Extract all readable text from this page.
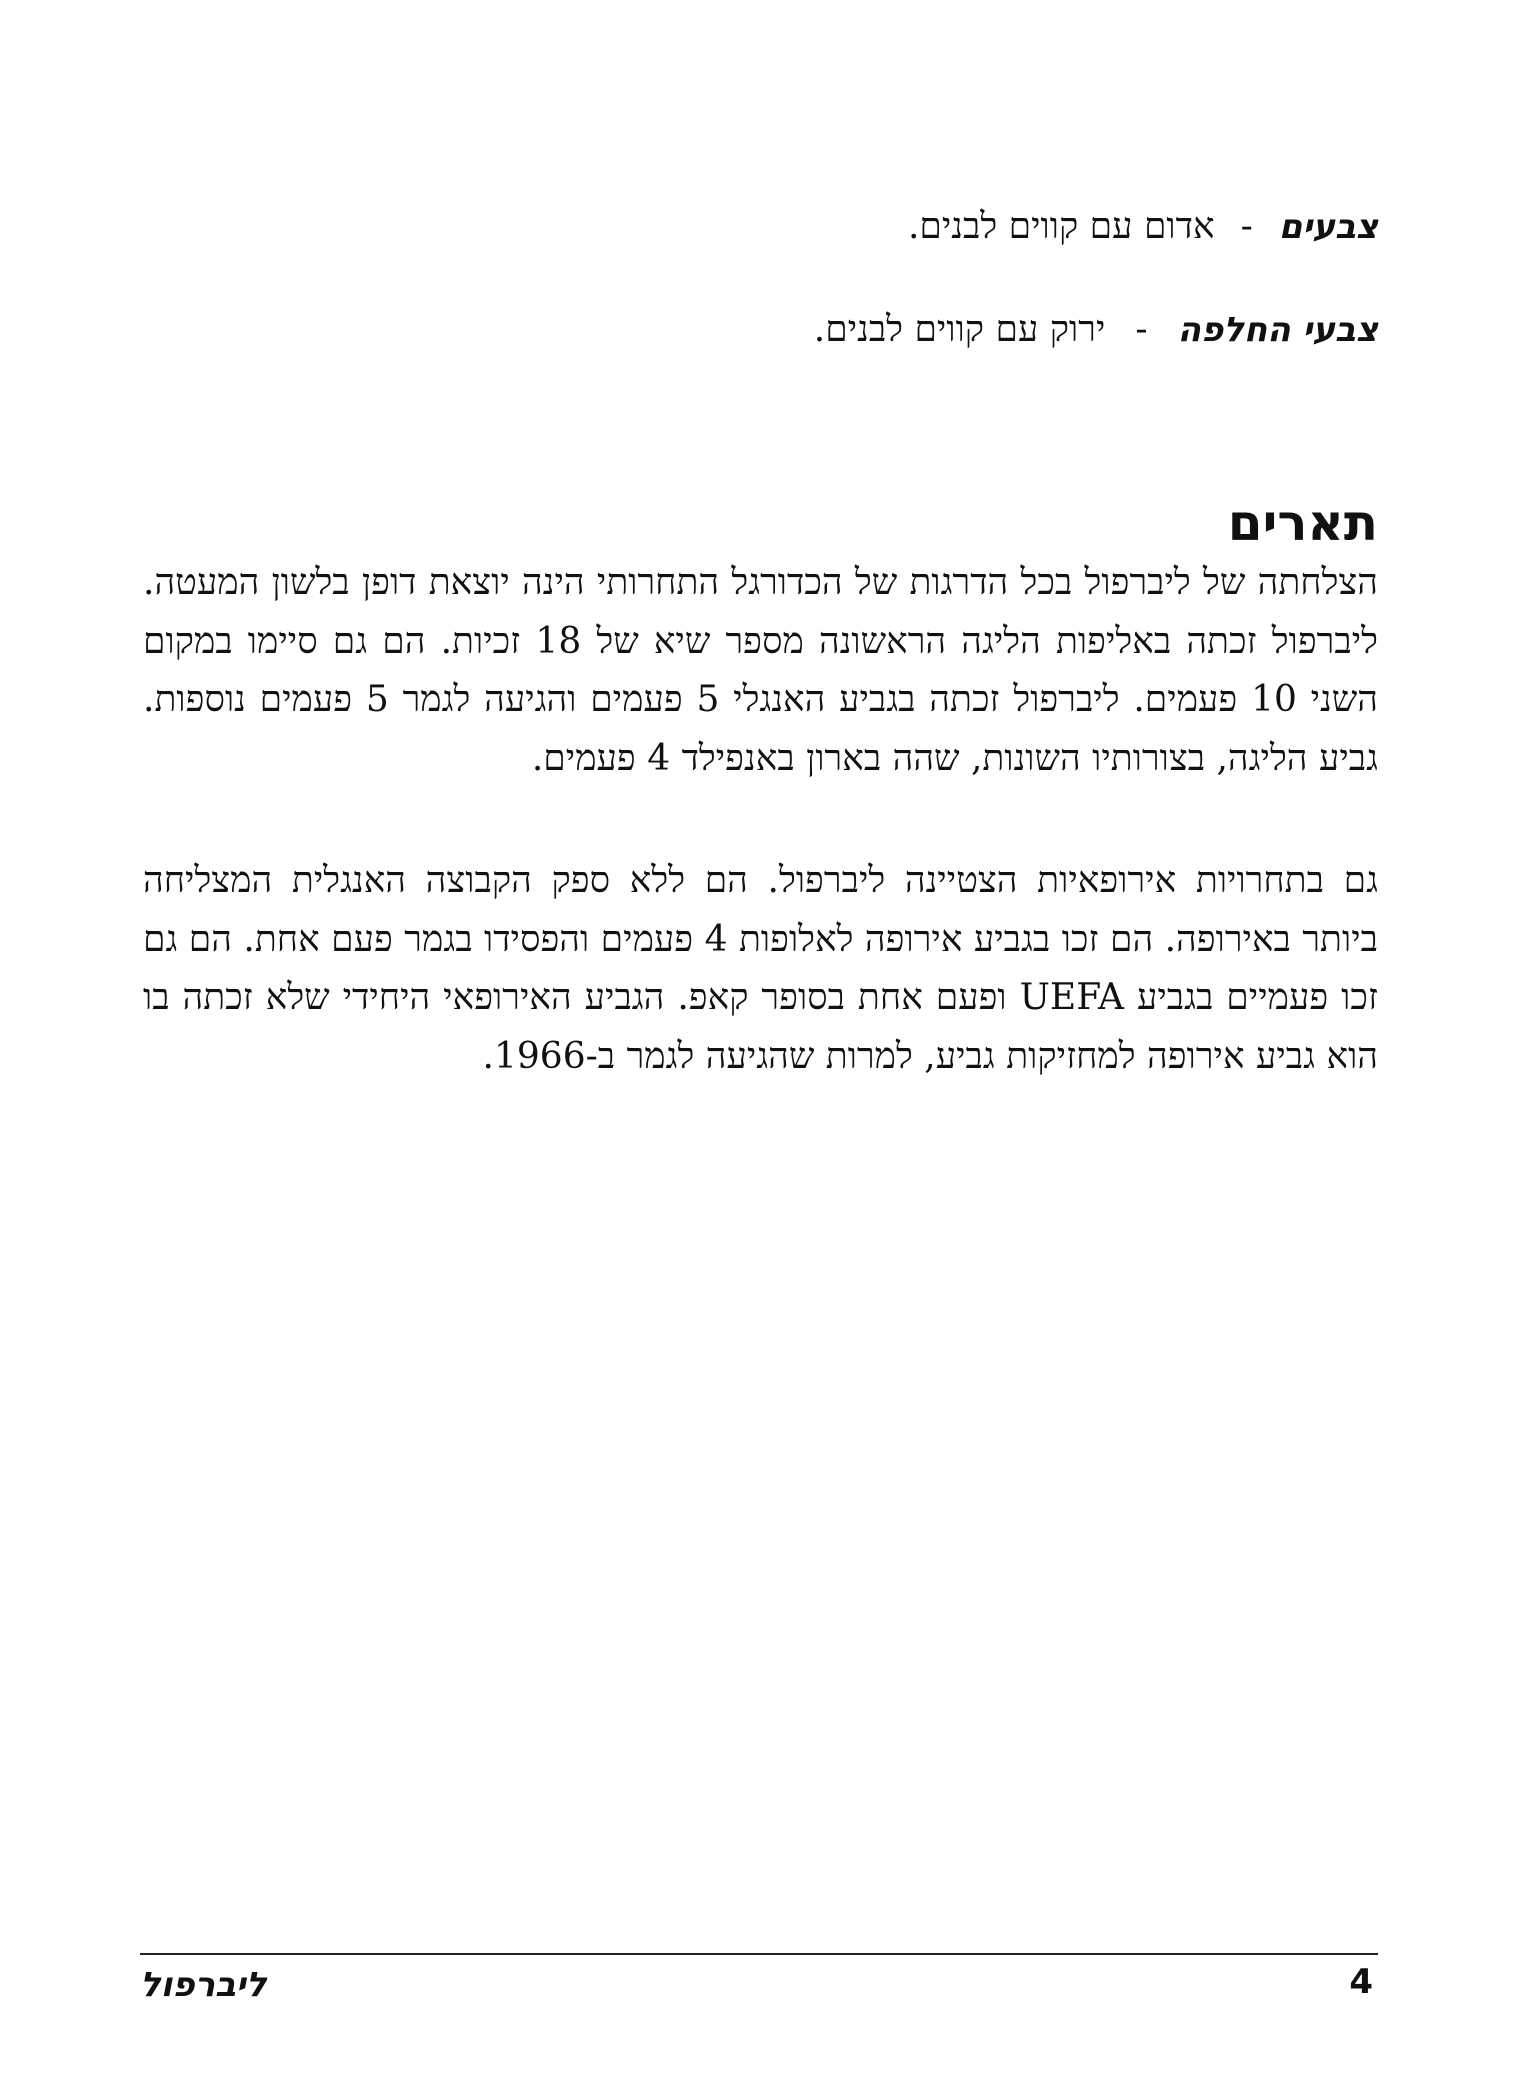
צבעים
-
אדום עם קווים לבנים.
צבעי החלפה
-
ירוק עם קווים לבנים.
תארים

הצלחתה של ליברפול בכל הדרגות של הכדורגל התחרותי הינה יוצאת דופן בלשון המעטה. ליברפול זכתה באליפות הליגה הראשונה מספר שיא של 18 זכיות. הם גם סיימו במקום השני 10 פעמים. ליברפול זכתה בגביע האנגלי 5 פעמים והגיעה לגמר 5 פעמים נוספות. גביע הליגה, בצורותיו השונות, שהה בארון באנפילד 4 פעמים.

גם בתחרויות אירופאיות הצטיינה ליברפול. הם ללא ספק הקבוצה האנגלית המצליחה ביותר באירופה. הם זכו בגביע אירופה לאלופות 4 פעמים והפסידו בגמר פעם אחת. הם גם זכו פעמיים בגביע UEFA ופעם אחת בסופר קאפ. הגביע האירופאי היחידי שלא זכתה בו הוא גביע אירופה למחזיקות גביע, למרות שהגיעה לגמר ב-1966.

4
ליברפול
